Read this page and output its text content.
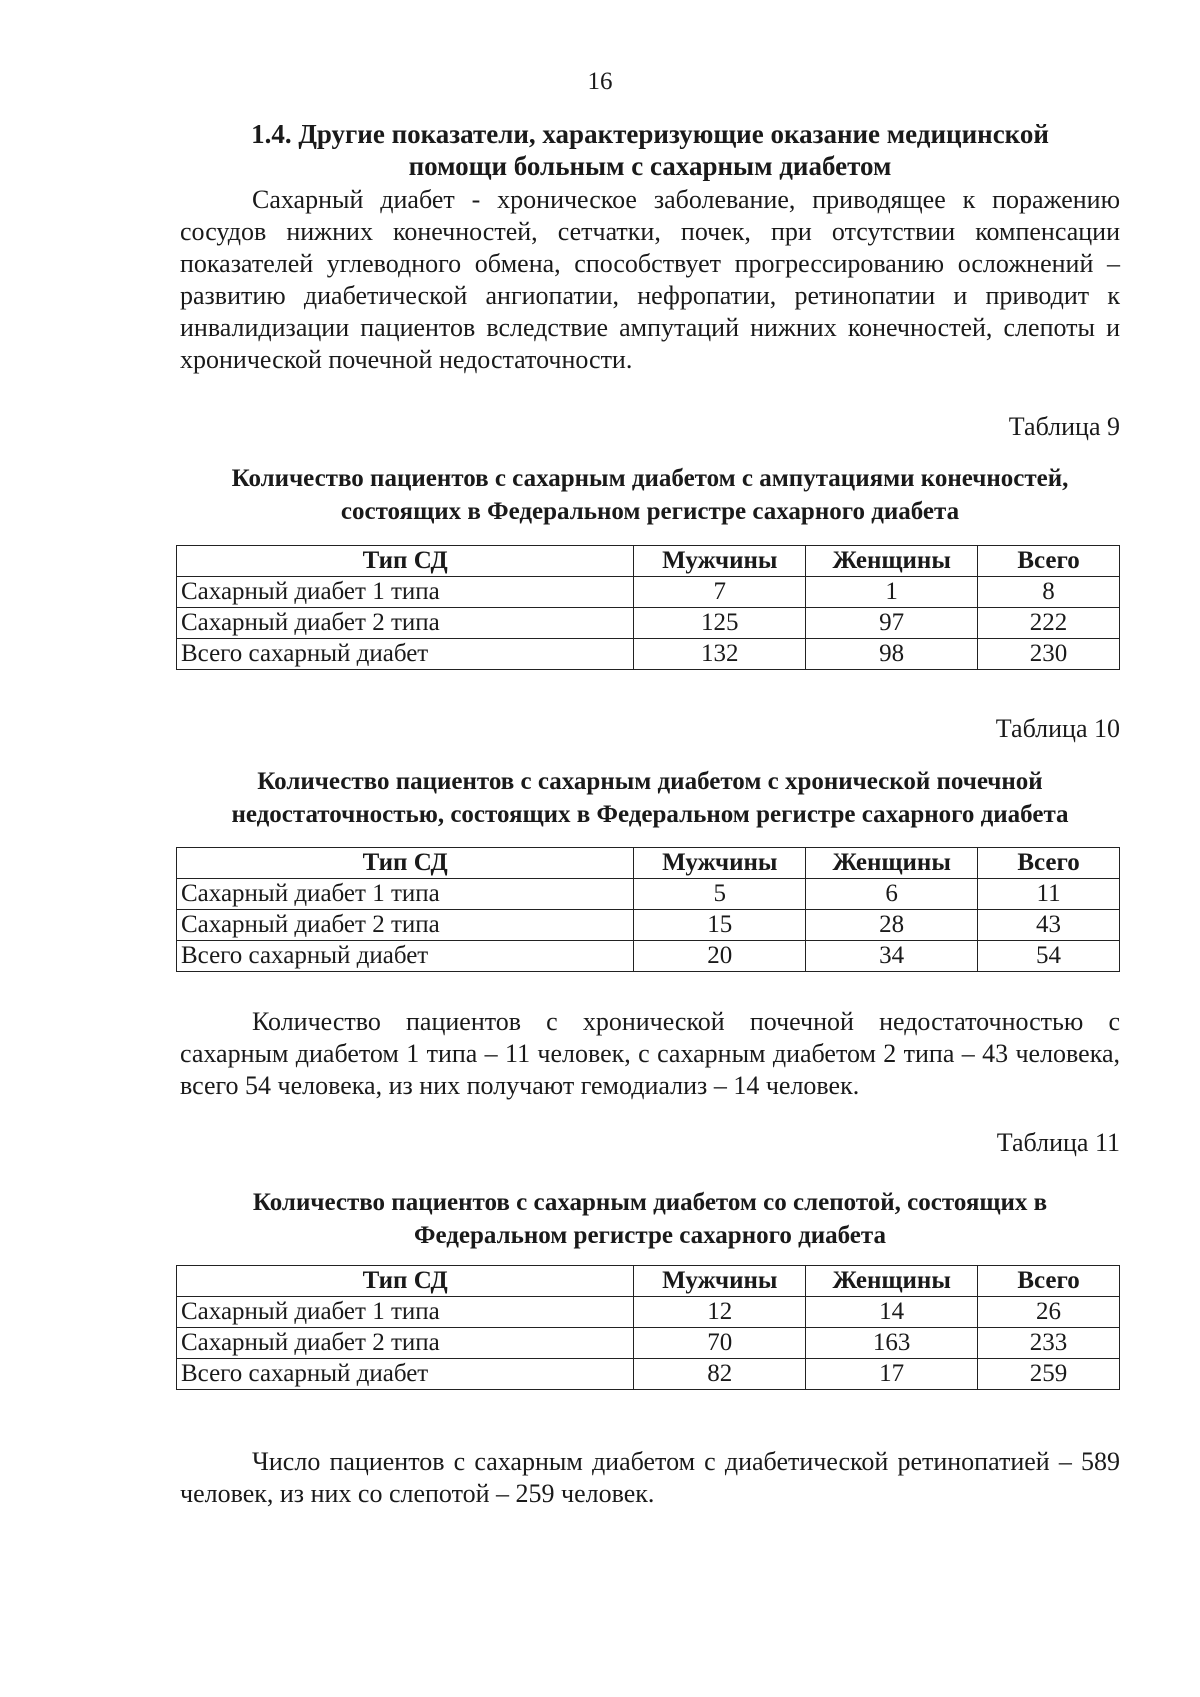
16
1.4. Другие показатели, характеризующие оказание медицинской помощи больным с сахарным диабетом
Сахарный диабет - хроническое заболевание, приводящее к поражению сосудов нижних конечностей, сетчатки, почек, при отсутствии компенсации показателей углеводного обмена, способствует прогрессированию осложнений – развитию диабетической ангиопатии, нефропатии, ретинопатии и приводит к инвалидизации пациентов вследствие ампутаций нижних конечностей, слепоты и хронической почечной недостаточности.
Таблица 9
Количество пациентов с сахарным диабетом с ампутациями конечностей, состоящих в Федеральном регистре сахарного диабета
Тип СД	Мужчины	Женщины	Всего
Сахарный диабет 1 типа	7	1	8
Сахарный диабет 2 типа	125	97	222
Всего сахарный диабет	132	98	230
Таблица 10
Количество пациентов с сахарным диабетом с хронической почечной недостаточностью, состоящих в Федеральном регистре сахарного диабета
Тип СД	Мужчины	Женщины	Всего
Сахарный диабет 1 типа	5	6	11
Сахарный диабет 2 типа	15	28	43
Всего сахарный диабет	20	34	54
Количество пациентов с хронической почечной недостаточностью с сахарным диабетом 1 типа – 11 человек, с сахарным диабетом 2 типа – 43 человека, всего 54 человека, из них получают гемодиализ – 14 человек.
Таблица 11
Количество пациентов с сахарным диабетом со слепотой, состоящих в Федеральном регистре сахарного диабета
Тип СД	Мужчины	Женщины	Всего
Сахарный диабет 1 типа	12	14	26
Сахарный диабет 2 типа	70	163	233
Всего сахарный диабет	82	17	259
Число пациентов с сахарным диабетом с диабетической ретинопатией – 589 человек, из них со слепотой – 259 человек.
